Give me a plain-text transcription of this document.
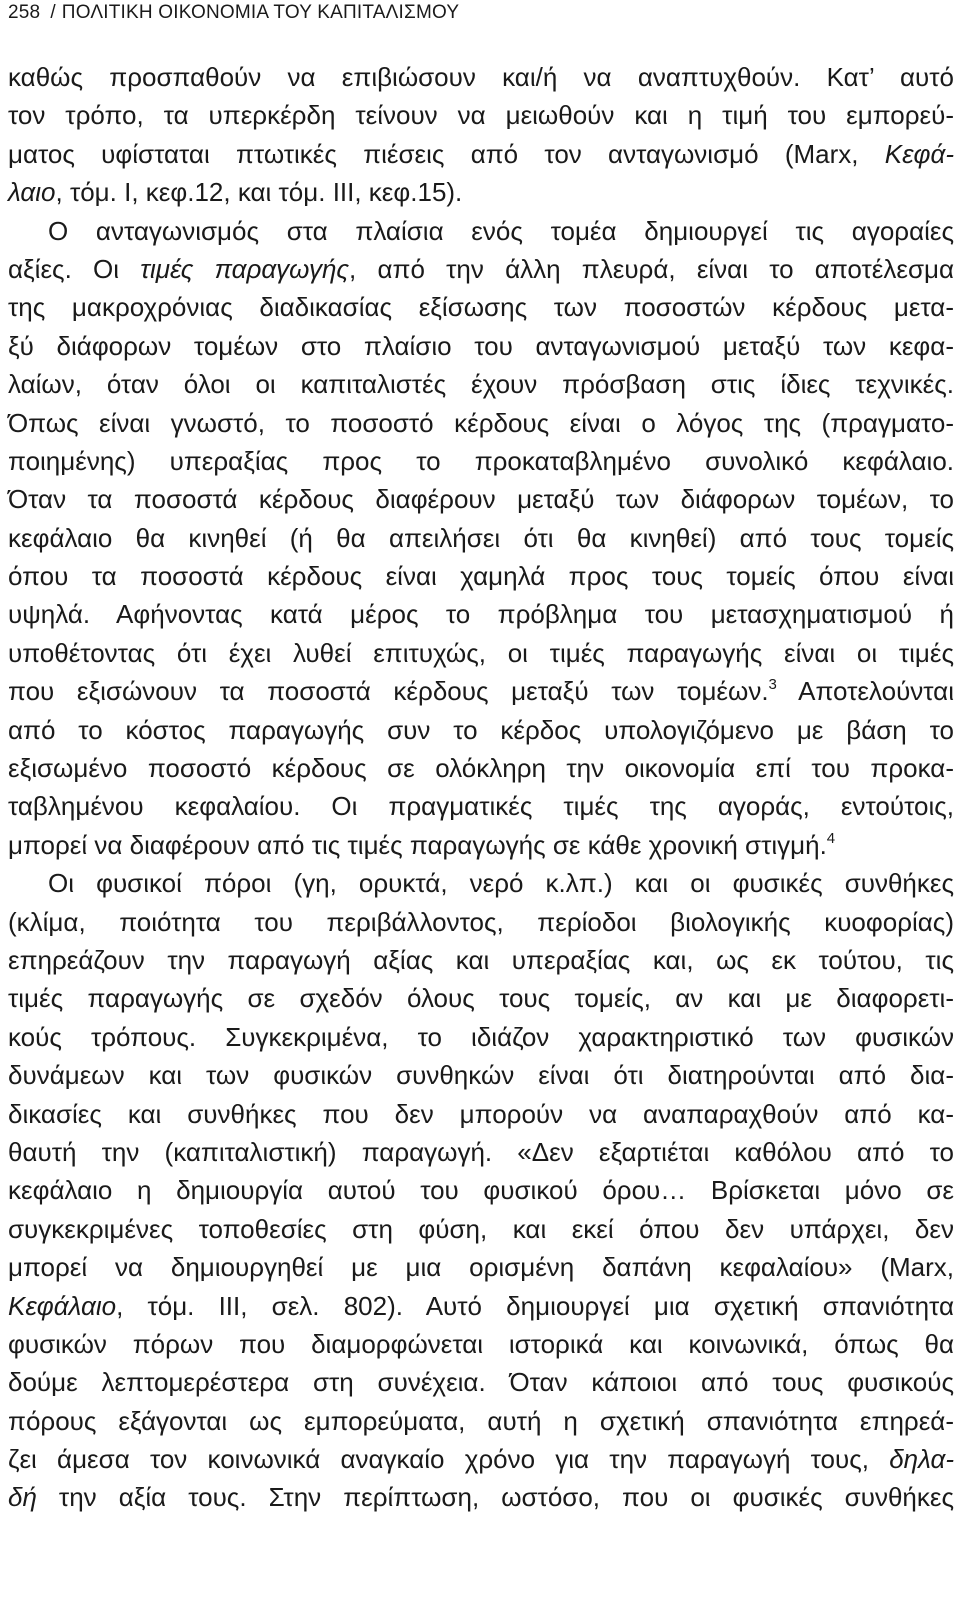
258 / ΠΟΛΙΤΙΚΗ ΟΙΚΟΝΟΜΙΑ ΤΟΥ ΚΑΠΙΤΑΛΙΣΜΟΥ
καθώς προσπαθούν να επιβιώσουν και/ή να αναπτυχθούν. Κατ’ αυτό
τον τρόπο, τα υπερκέρδη τείνουν να μειωθούν και η τιμή του εμπορεύ-
ματος υφίσταται πτωτικές πιέσεις από τον ανταγωνισμό (Marx, Κεφά-
λαιο, τόμ. I, κεφ.12, και τόμ. III, κεφ.15).
Ο ανταγωνισμός στα πλαίσια ενός τομέα δημιουργεί τις αγοραίες
αξίες. Οι τιμές παραγωγής, από την άλλη πλευρά, είναι το αποτέλεσμα
της μακροχρόνιας διαδικασίας εξίσωσης των ποσοστών κέρδους μετα-
ξύ διάφορων τομέων στο πλαίσιο του ανταγωνισμού μεταξύ των κεφα-
λαίων, όταν όλοι οι καπιταλιστές έχουν πρόσβαση στις ίδιες τεχνικές.
Όπως είναι γνωστό, το ποσοστό κέρδους είναι ο λόγος της (πραγματο-
ποιημένης) υπεραξίας προς το προκαταβλημένο συνολικό κεφάλαιο.
Όταν τα ποσοστά κέρδους διαφέρουν μεταξύ των διάφορων τομέων, το
κεφάλαιο θα κινηθεί (ή θα απειλήσει ότι θα κινηθεί) από τους τομείς
όπου τα ποσοστά κέρδους είναι χαμηλά προς τους τομείς όπου είναι
υψηλά. Αφήνοντας κατά μέρος το πρόβλημα του μετασχηματισμού ή
υποθέτοντας ότι έχει λυθεί επιτυχώς, οι τιμές παραγωγής είναι οι τιμές
που εξισώνουν τα ποσοστά κέρδους μεταξύ των τομέων.$^3$ Αποτελούνται
από το κόστος παραγωγής συν το κέρδος υπολογιζόμενο με βάση το
εξισωμένο ποσοστό κέρδους σε ολόκληρη την οικονομία επί του προκα-
ταβλημένου κεφαλαίου. Οι πραγματικές τιμές της αγοράς, εντούτοις,
μπορεί να διαφέρουν από τις τιμές παραγωγής σε κάθε χρονική στιγμή.$^4$
Οι φυσικοί πόροι (γη, ορυκτά, νερό κ.λπ.) και οι φυσικές συνθήκες
(κλίμα, ποιότητα του περιβάλλοντος, περίοδοι βιολογικής κυοφορίας)
επηρεάζουν την παραγωγή αξίας και υπεραξίας και, ως εκ τούτου, τις
τιμές παραγωγής σε σχεδόν όλους τους τομείς, αν και με διαφορετι-
κούς τρόπους. Συγκεκριμένα, το ιδιάζον χαρακτηριστικό των φυσικών
δυνάμεων και των φυσικών συνθηκών είναι ότι διατηρούνται από δια-
δικασίες και συνθήκες που δεν μπορούν να αναπαραχθούν από κα-
θαυτή την (καπιταλιστική) παραγωγή. «Δεν εξαρτιέται καθόλου από το
κεφάλαιο η δημιουργία αυτού του φυσικού όρου… Βρίσκεται μόνο σε
συγκεκριμένες τοποθεσίες στη φύση, και εκεί όπου δεν υπάρχει, δεν
μπορεί να δημιουργηθεί με μια ορισμένη δαπάνη κεφαλαίου» (Marx,
Κεφάλαιο, τόμ. III, σελ. 802). Αυτό δημιουργεί μια σχετική σπανιότητα
φυσικών πόρων που διαμορφώνεται ιστορικά και κοινωνικά, όπως θα
δούμε λεπτομερέστερα στη συνέχεια. Όταν κάποιοι από τους φυσικούς
πόρους εξάγονται ως εμπορεύματα, αυτή η σχετική σπανιότητα επηρεά-
ζει άμεσα τον κοινωνικά αναγκαίο χρόνο για την παραγωγή τους, δηλα-
δή την αξία τους. Στην περίπτωση, ωστόσο, που οι φυσικές συνθήκες
